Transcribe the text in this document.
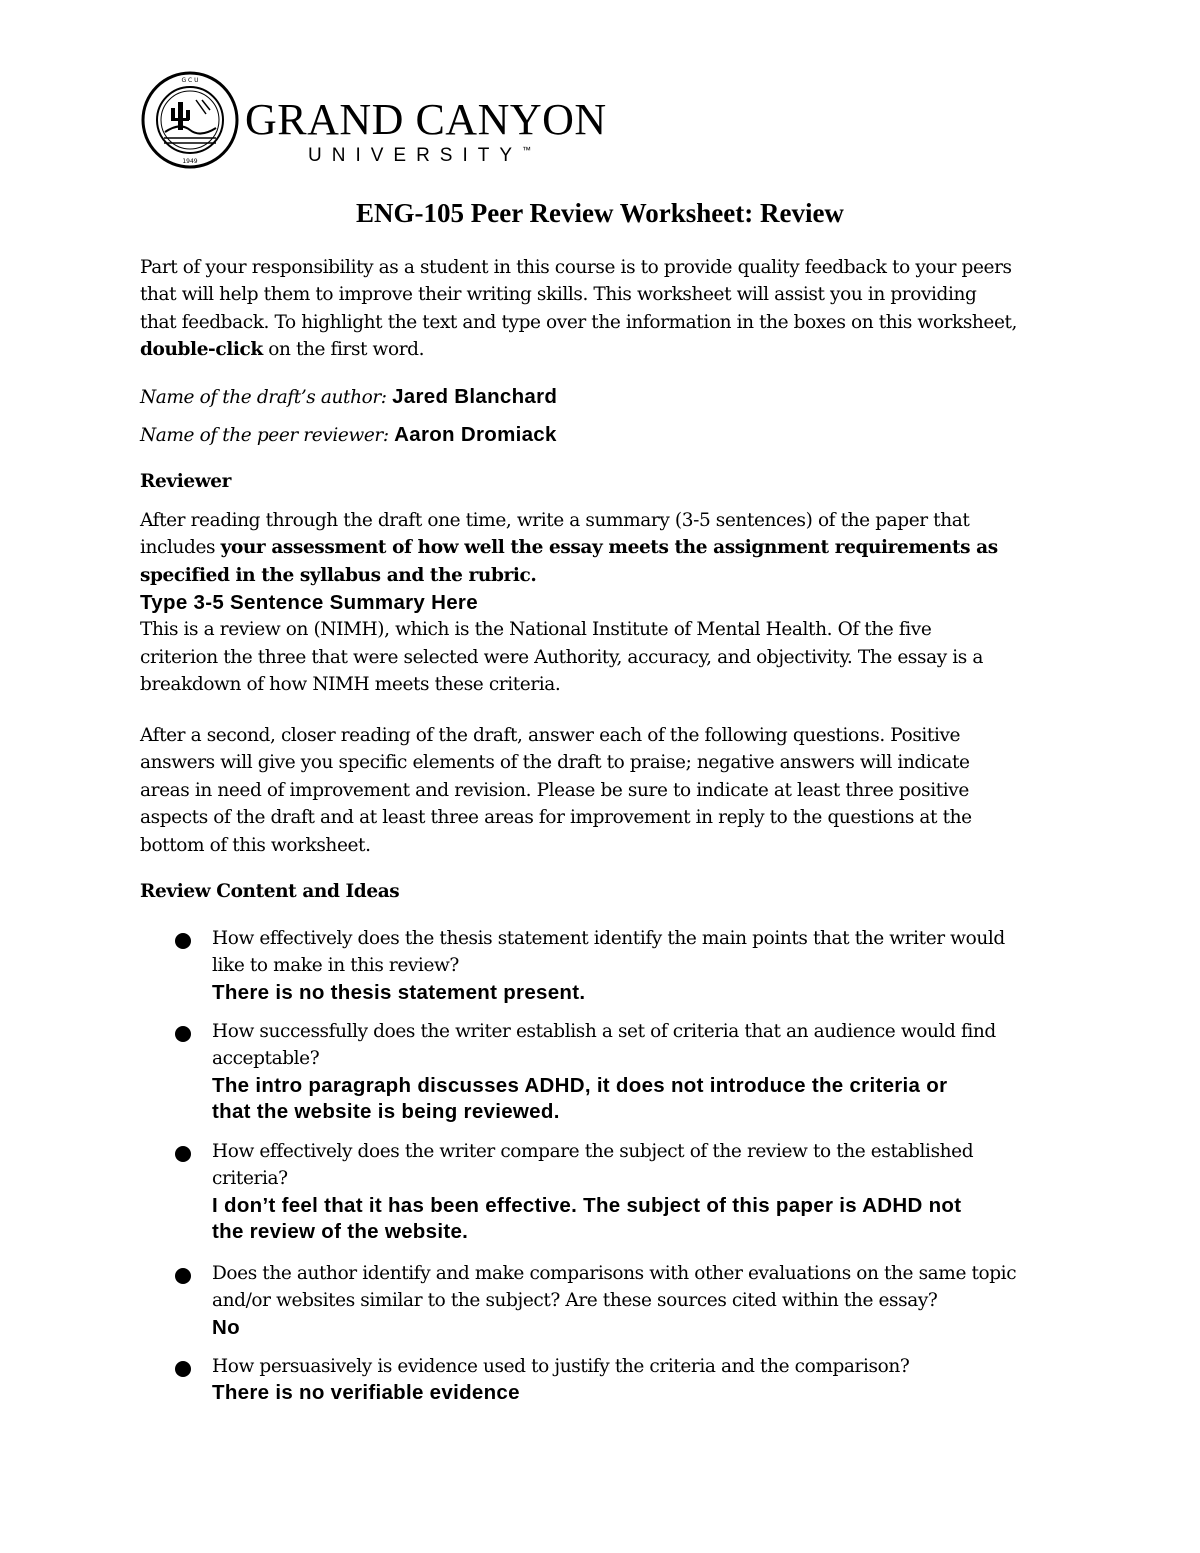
G C U
1949
GRAND CANYON
UNIVERSITY™
ENG-105 Peer Review Worksheet: Review
Part of your responsibility as a student in this course is to provide quality feedback to your peers
that will help them to improve their writing skills. This worksheet will assist you in providing
that feedback. To highlight the text and type over the information in the boxes on this worksheet,
double-click on the first word.
Name of the draft’s author: Jared Blanchard
Name of the peer reviewer: Aaron Dromiack
Reviewer
After reading through the draft one time, write a summary (3-5 sentences) of the paper that
includes your assessment of how well the essay meets the assignment requirements as
specified in the syllabus and the rubric.
Type 3-5 Sentence Summary Here
This is a review on (NIMH), which is the National Institute of Mental Health. Of the five
criterion the three that were selected were Authority, accuracy, and objectivity. The essay is a
breakdown of how NIMH meets these criteria.
After a second, closer reading of the draft, answer each of the following questions. Positive
answers will give you specific elements of the draft to praise; negative answers will indicate
areas in need of improvement and revision. Please be sure to indicate at least three positive
aspects of the draft and at least three areas for improvement in reply to the questions at the
bottom of this worksheet.
Review Content and Ideas
How effectively does the thesis statement identify the main points that the writer would
like to make in this review?
There is no thesis statement present.
How successfully does the writer establish a set of criteria that an audience would find
acceptable?
The intro paragraph discusses ADHD, it does not introduce the criteria or
that the website is being reviewed.
How effectively does the writer compare the subject of the review to the established
criteria?
I don’t feel that it has been effective. The subject of this paper is ADHD not
the review of the website.
Does the author identify and make comparisons with other evaluations on the same topic
and/or websites similar to the subject? Are these sources cited within the essay?
No
How persuasively is evidence used to justify the criteria and the comparison?
There is no verifiable evidence
